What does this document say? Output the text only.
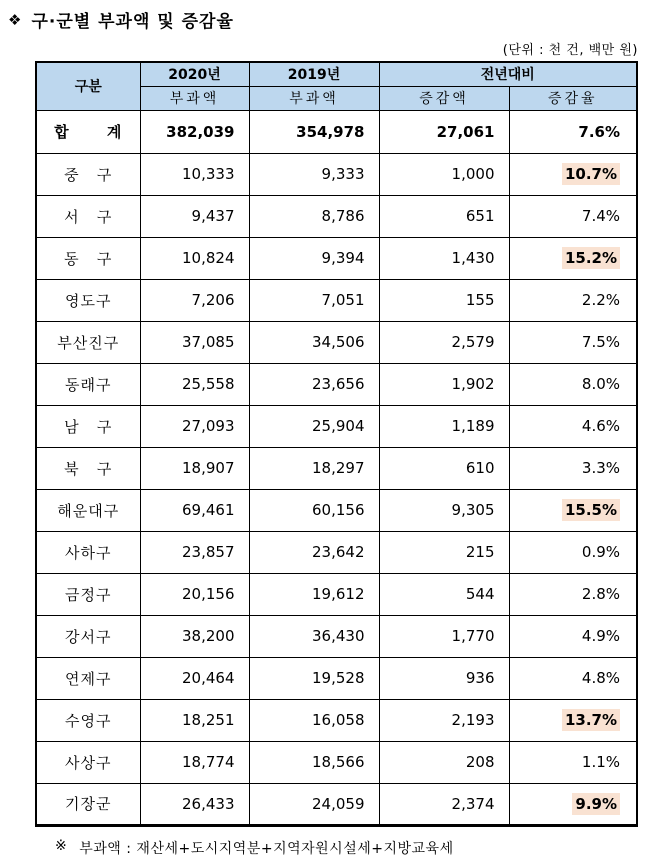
❖ 구·군별 부과액 및 증감율
(단위 : 천 건, 백만 원)
구분	2020년	2019년	전년대비	
	부과액	부과액	증감액	증감율
합      계	382,039	354,978	27,061	7.6%
중   구	10,333	9,333	1,000	10.7%
서   구	9,437	8,786	651	7.4%
동   구	10,824	9,394	1,430	15.2%
영도구	7,206	7,051	155	2.2%
부산진구	37,085	34,506	2,579	7.5%
동래구	25,558	23,656	1,902	8.0%
남   구	27,093	25,904	1,189	4.6%
북   구	18,907	18,297	610	3.3%
해운대구	69,461	60,156	9,305	15.5%
사하구	23,857	23,642	215	0.9%
금정구	20,156	19,612	544	2.8%
강서구	38,200	36,430	1,770	4.9%
연제구	20,464	19,528	936	4.8%
수영구	18,251	16,058	2,193	13.7%
사상구	18,774	18,566	208	1.1%
기장군	26,433	24,059	2,374	9.9%
※ 부과액 : 재산세+도시지역분+지역자원시설세+지방교육세
